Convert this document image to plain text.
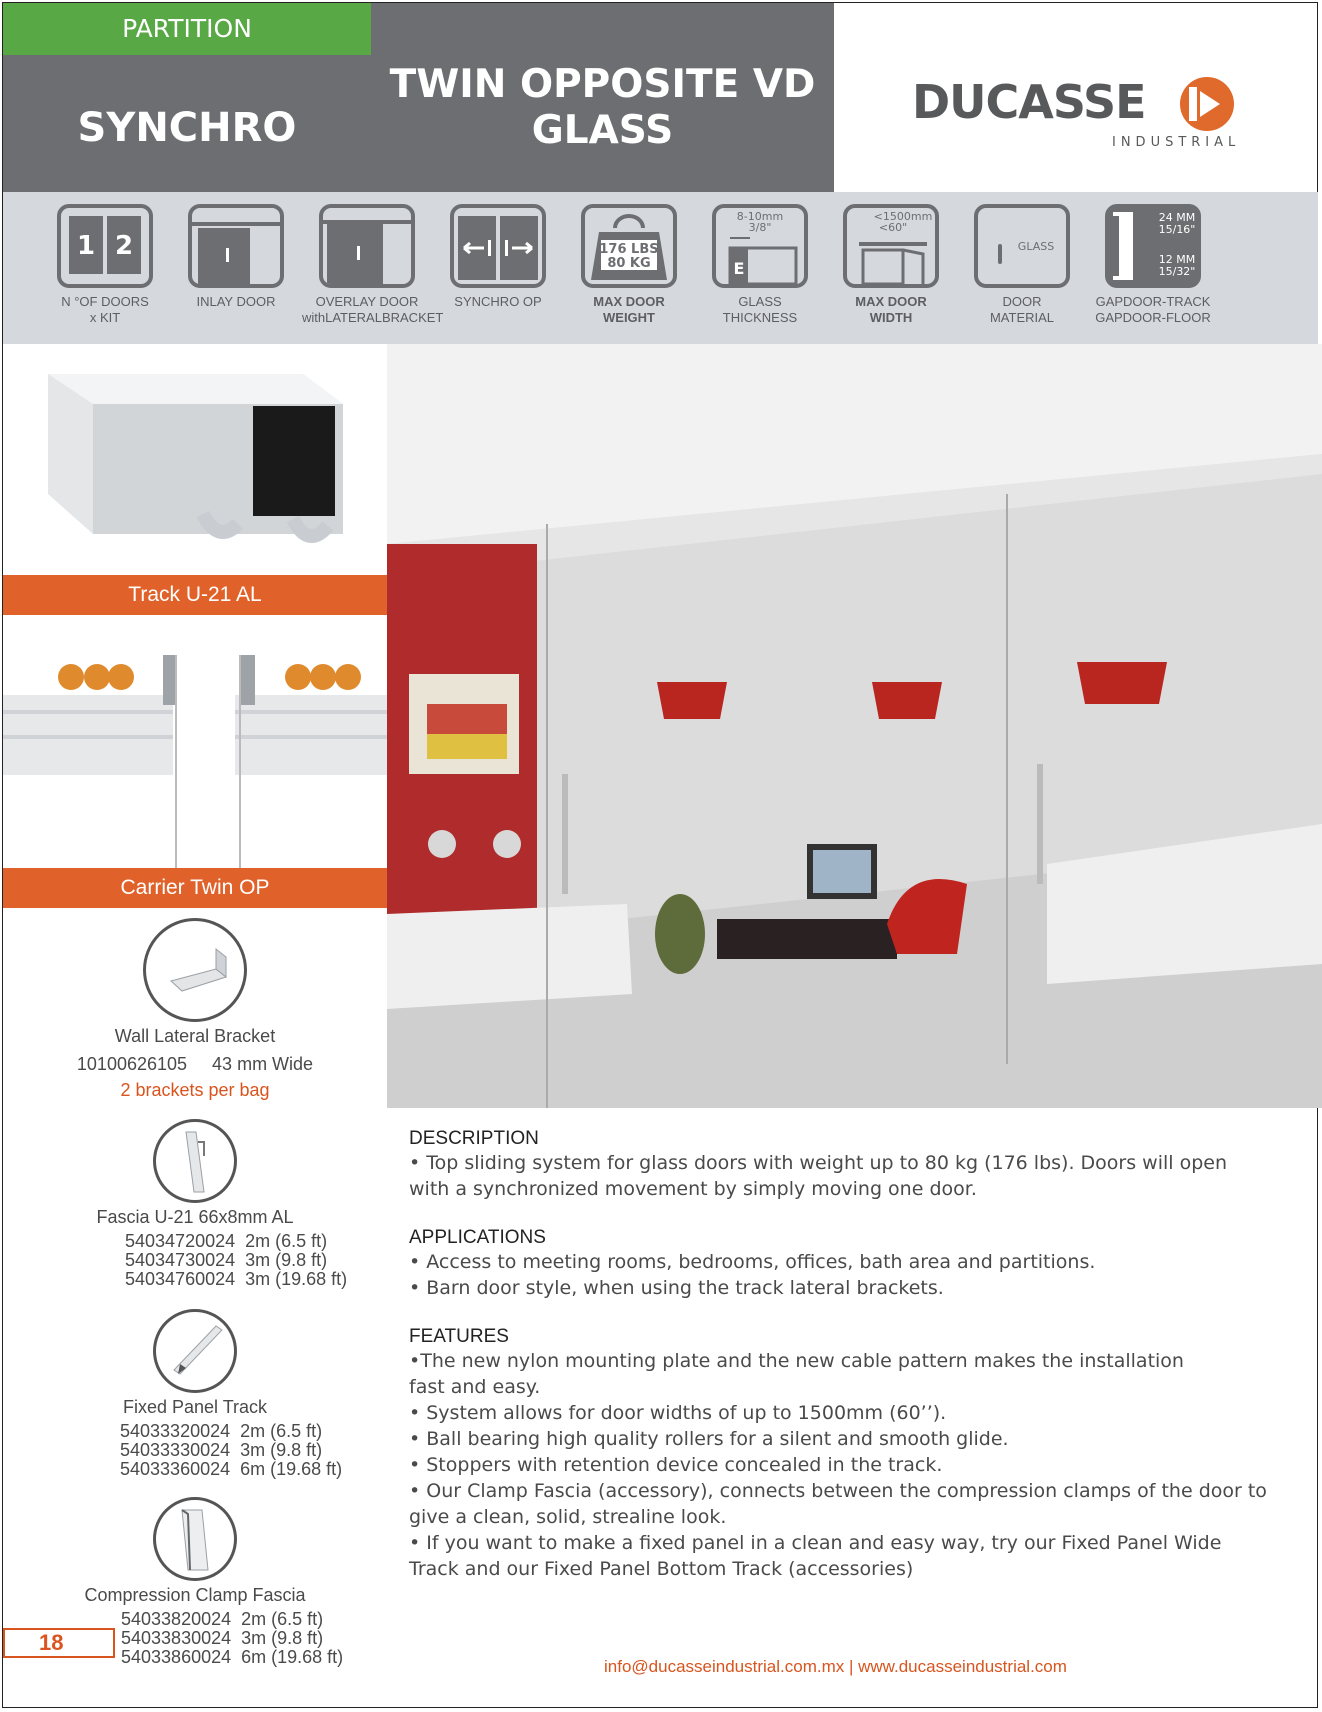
PARTITION
SYNCHRO
TWIN OPPOSITE VD
GLASS
DUCASSE
INDUSTRIAL
1 2
N °OF DOORS
x KIT
INLAY DOOR	OVERLAY DOOR
withLATERALBRACKET
SYNCHRO OP
176 LBS
80 KG
MAX DOOR
WEIGHT
8-10mm
3/8"
E
GLASS
THICKNESS
<1500mm
<60"
MAX DOOR
WIDTH
GLASS
DOOR
MATERIAL
24 MM
15/16"
12 MM
15/32"
GAPDOOR-TRACK
GAPDOOR-FLOOR
Track U-21 AL
Carrier Twin OP
Wall Lateral Bracket
10100626105 43 mm Wide
2 brackets per bag
Fascia U-21 66x8mm AL
54034720024	2m (6.5 ft)
54034730024	3m (9.8 ft)
54034760024	3m (19.68 ft)
Fixed Panel Track
54033320024	2m (6.5 ft)
54033330024	3m (9.8 ft)
54033360024	6m (19.68 ft)
Compression Clamp Fascia
54033820024	2m (6.5 ft)
54033830024	3m (9.8 ft)
54033860024	6m (19.68 ft)
18
DESCRIPTION
• Top sliding system for glass doors with weight up to 80 kg (176 lbs). Doors will open
with a synchronized movement by simply moving one door.
APPLICATIONS
• Access to meeting rooms, bedrooms, offices, bath area and partitions.
• Barn door style, when using the track lateral brackets.
FEATURES
•The new nylon mounting plate and the new cable pattern makes the installation
fast and easy.
• System allows for door widths of up to 1500mm (60’’).
• Ball bearing high quality rollers for a silent and smooth glide.
• Stoppers with retention device concealed in the track.
• Our Clamp Fascia (accessory), connects between the compression clamps of the door to
give a clean, solid, strealine look.
• If you want to make a fixed panel in a clean and easy way, try our Fixed Panel Wide
Track and our Fixed Panel Bottom Track (accessories)
info@ducasseindustrial.com.mx | www.ducasseindustrial.com
